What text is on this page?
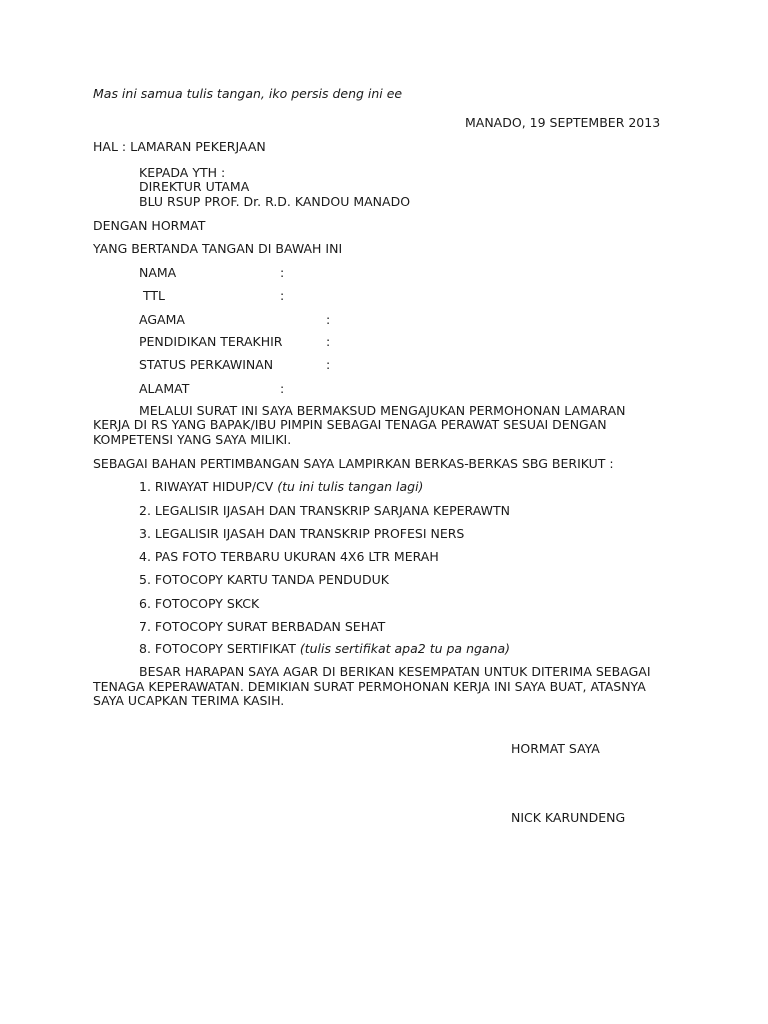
Mas ini samua tulis tangan, iko persis deng ini ee
MANADO, 19 SEPTEMBER 2013
HAL : LAMARAN PEKERJAAN
KEPADA YTH :
DIREKTUR UTAMA
BLU RSUP PROF. Dr. R.D. KANDOU MANADO
DENGAN HORMAT
YANG BERTANDA TANGAN DI BAWAH INI
NAMA	:
TTL	:
AGAMA	:
PENDIDIKAN TERAKHIR	:
STATUS PERKAWINAN	:
ALAMAT	:
MELALUI SURAT INI SAYA BERMAKSUD MENGAJUKAN PERMOHONAN LAMARAN
KERJA DI RS YANG BAPAK/IBU PIMPIN SEBAGAI TENAGA PERAWAT SESUAI DENGAN
KOMPETENSI YANG SAYA MILIKI.
SEBAGAI BAHAN PERTIMBANGAN SAYA LAMPIRKAN BERKAS-BERKAS SBG BERIKUT :
1. RIWAYAT HIDUP/CV (tu ini tulis tangan lagi)
2. LEGALISIR IJASAH DAN TRANSKRIP SARJANA KEPERAWTN
3. LEGALISIR IJASAH DAN TRANSKRIP PROFESI NERS
4. PAS FOTO TERBARU UKURAN 4X6 LTR MERAH
5. FOTOCOPY KARTU TANDA PENDUDUK
6. FOTOCOPY SKCK
7. FOTOCOPY SURAT BERBADAN SEHAT
8. FOTOCOPY SERTIFIKAT (tulis sertifikat apa2 tu pa ngana)
BESAR HARAPAN SAYA AGAR DI BERIKAN KESEMPATAN UNTUK DITERIMA SEBAGAI
TENAGA KEPERAWATAN. DEMIKIAN SURAT PERMOHONAN KERJA INI SAYA BUAT, ATASNYA
SAYA UCAPKAN TERIMA KASIH.
HORMAT SAYA
NICK KARUNDENG
